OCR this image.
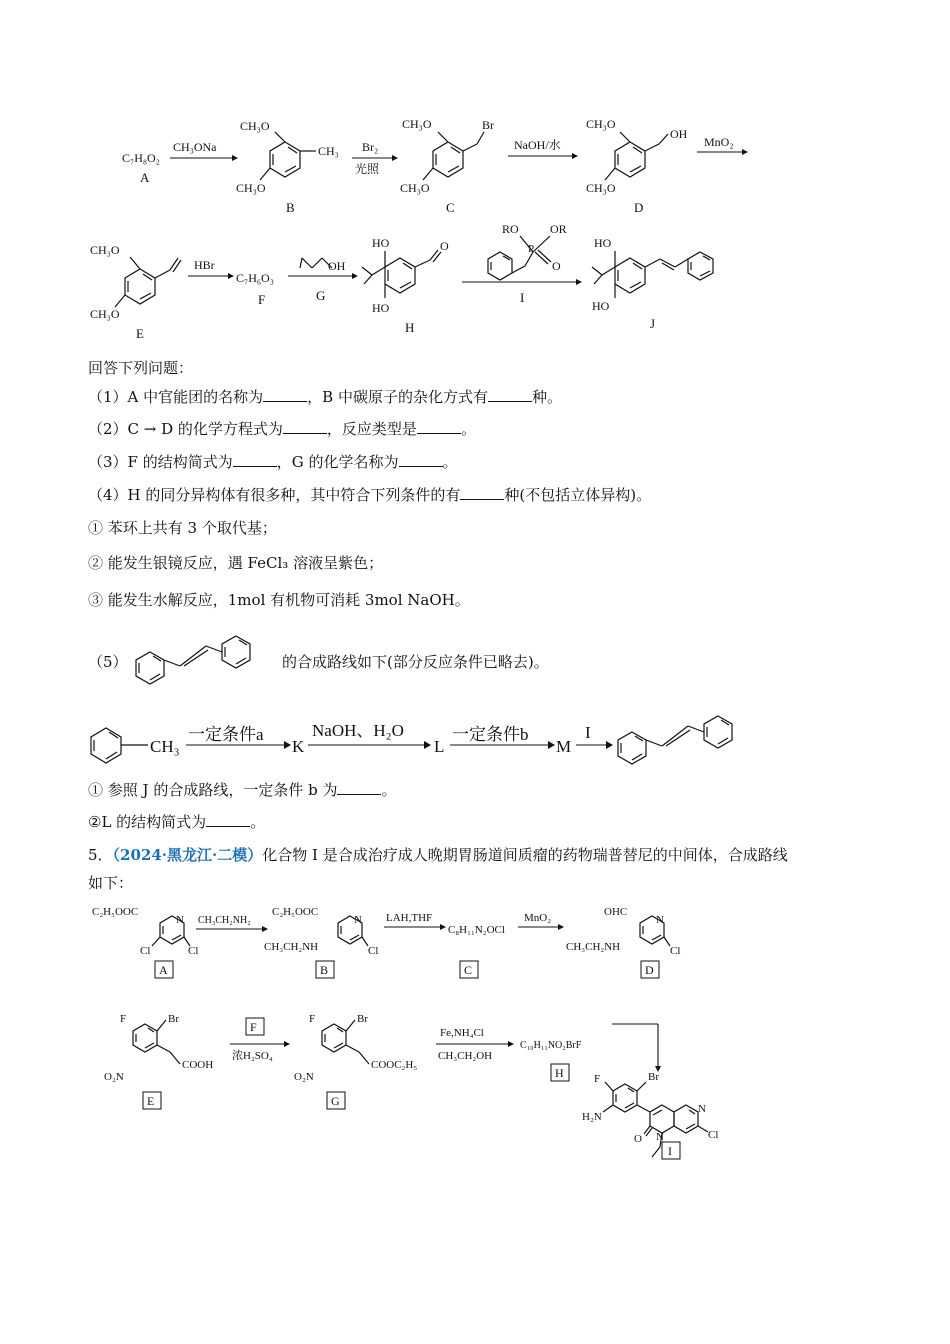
C₇H₈O₂
A
CH₃ONa
CH₃O
CH₃O
CH₃
B
Br₂
光照
CH₃O
CH₃O
Br
C
NaOH/水
CH₃O
CH₃O
OH
D
MnO₂
CH₃O
CH₃O
E
HBr
C₇H₆O₃
F
OH
G
HO
HO
O
H
RO	OR
P
O
I
HO
HO
J
回答下列问题：
（1）A 中官能团的名称为	，B 中碳原子的杂化方式有	种。
（2）C → D 的化学方程式为	，反应类型是	。
（3）F 的结构简式为	，G 的化学名称为	。
（4）H 的同分异构体有很多种，其中符合下列条件的有	种(不包括立体异构)。
① 苯环上共有 3 个取代基；
② 能发生银镜反应，遇 FeCl₃ 溶液呈紫色；
③ 能发生水解反应，1mol 有机物可消耗 3mol NaOH。
（5）	的合成路线如下(部分反应条件已略去)。
CH₃
一定条件a
K
NaOH、H₂O
L
一定条件b
M
I
① 参照 J 的合成路线，一定条件 b 为	。
②L 的结构简式为	。
5．（2024·黑龙江·二模）化合物 I 是合成治疗成人晚期胃肠道间质瘤的药物瑞普替尼的中间体，合成路线
如下：
C₂H₅OOC
N
Cl	Cl
A
CH₃CH₂NH₂
C₂H₅OOC
N
CH₃CH₂NH	Cl
B
LAH,THF
C₈H₁₁N₂OCl
C
MnO₂	OHC
N
CH₃CH₂NH	Cl
D
F	Br
O₂N
COOH
E
F
浓H₂SO₄
F	Br
O₂N
COOC₂H₅
G
Fe,NH₄Cl
CH₃CH₂OH
C₁₀H₁₁NO₂BrF
H	F	Br
H₂N
O N
N
Cl
I
